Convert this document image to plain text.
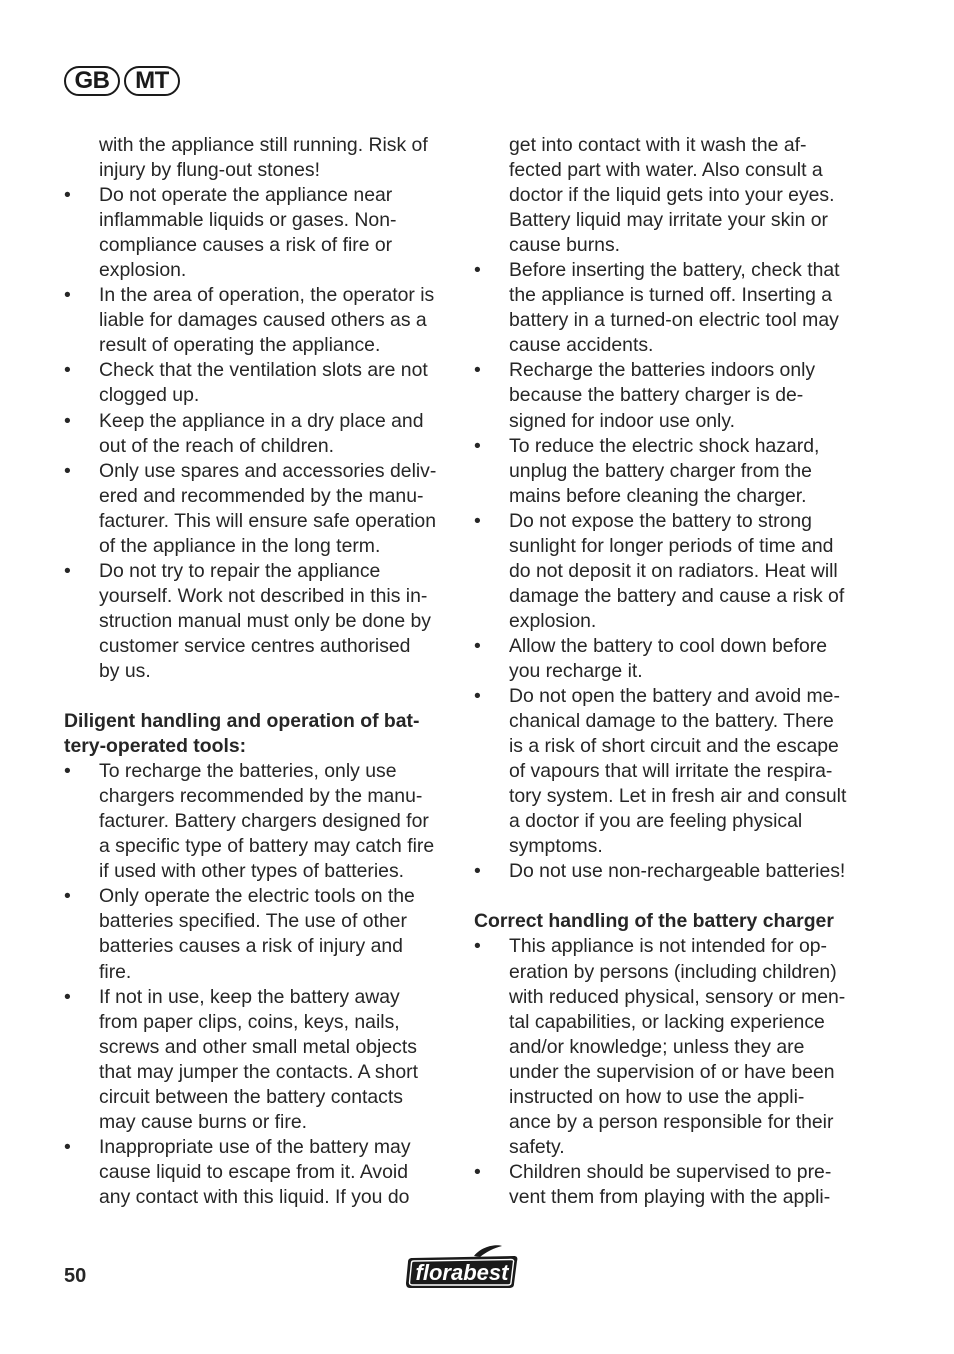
GB	MT
with the appliance still running. Risk of
injury by flung-out stones!
• Do not operate the appliance near
inflammable liquids or gases. Non-
compliance causes a risk of fire or
explosion.
• In the area of operation, the operator is
liable for damages caused others as a
result of operating the appliance.
• Check that the ventilation slots are not
clogged up.
• Keep the appliance in a dry place and
out of the reach of children.
• Only use spares and accessories deliv-
ered and recommended by the manu-
facturer. This will ensure safe operation
of the appliance in the long term.
• Do not try to repair the appliance
yourself. Work not described in this in-
struction manual must only be done by
customer service centres authorised
by us.
Diligent handling and operation of bat-
tery-operated tools:
• To recharge the batteries, only use
chargers recommended by the manu-
facturer. Battery chargers designed for
a specific type of battery may catch fire
if used with other types of batteries.
• Only operate the electric tools on the
batteries specified. The use of other
batteries causes a risk of injury and
fire.
• If not in use, keep the battery away
from paper clips, coins, keys, nails,
screws and other small metal objects
that may jumper the contacts. A short
circuit between the battery contacts
may cause burns or fire.
• Inappropriate use of the battery may
cause liquid to escape from it. Avoid
any contact with this liquid. If you do
get into contact with it wash the af-
fected part with water. Also consult a
doctor if the liquid gets into your eyes.
Battery liquid may irritate your skin or
cause burns.
• Before inserting the battery, check that
the appliance is turned off. Inserting a
battery in a turned-on electric tool may
cause accidents.
• Recharge the batteries indoors only
because the battery charger is de-
signed for indoor use only.
• To reduce the electric shock hazard,
unplug the battery charger from the
mains before cleaning the charger.
• Do not expose the battery to strong
sunlight for longer periods of time and
do not deposit it on radiators. Heat will
damage the battery and cause a risk of
explosion.
• Allow the battery to cool down before
you recharge it.
• Do not open the battery and avoid me-
chanical damage to the battery. There
is a risk of short circuit and the escape
of vapours that will irritate the respira-
tory system. Let in fresh air and consult
a doctor if you are feeling physical
symptoms.
• Do not use non-rechargeable batteries!
Correct handling of the battery charger
• This appliance is not intended for op-
eration by persons (including children)
with reduced physical, sensory or men-
tal capabilities, or lacking experience
and/or knowledge; unless they are
under the supervision of or have been
instructed on how to use the appli-
ance by a person responsible for their
safety.
• Children should be supervised to pre-
vent them from playing with the appli-
50	florabest
